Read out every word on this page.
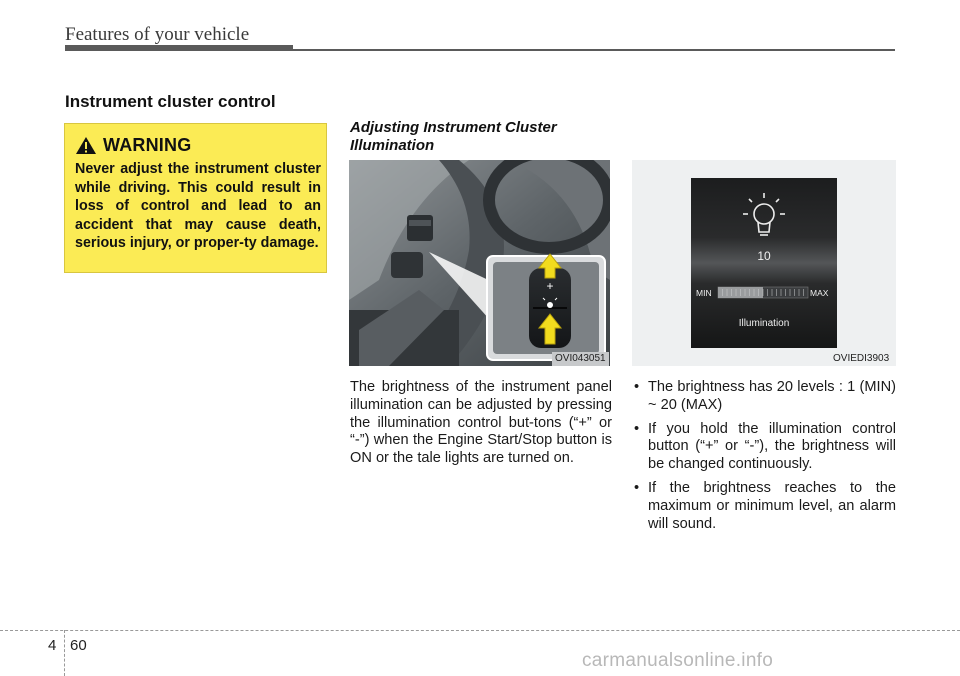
Features of your vehicle
Instrument cluster control
WARNING
Never adjust the instrument cluster while driving. This could result in loss of control and lead to an accident that may cause death, serious injury, or proper-ty damage.
Adjusting Instrument Cluster Illumination
+
OVI043051
10
MIN	MAX
Illumination
OVIEDI3903
The brightness of the instrument panel illumination can be adjusted by pressing the illumination control but-tons (“+” or “-”) when the Engine Start/Stop button is ON or the tale lights are turned on.
• The brightness has 20 levels : 1 (MIN) ~ 20 (MAX)
• If you hold the illumination control button (“+” or “-”), the brightness will be changed continuously.
• If the brightness reaches to the maximum or minimum level, an alarm will sound.
4 60
carmanualsonline.info
